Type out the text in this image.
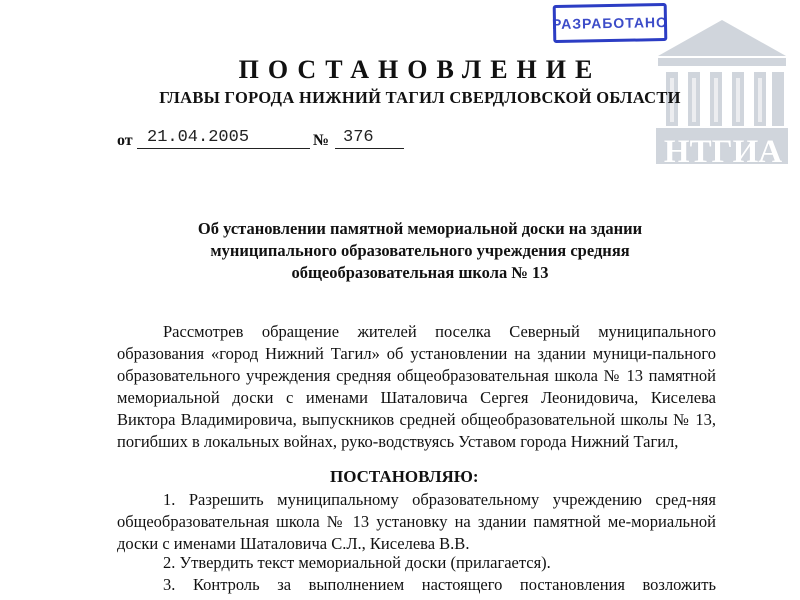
РАЗРАБОТАНО
НТГИА
ПОСТАНОВЛЕНИЕ
ГЛАВЫ ГОРОДА НИЖНИЙ ТАГИЛ СВЕРДЛОВСКОЙ ОБЛАСТИ
от 21.04.2005	№ 376
Об установлении памятной мемориальной доски на здании
муниципального образовательного учреждения средняя
общеобразовательная школа № 13
Рассмотрев обращение жителей поселка Северный муниципального образования «город Нижний Тагил» об установлении на здании муници-пального образовательного учреждения средняя общеобразовательная школа № 13 памятной мемориальной доски с именами Шаталовича Сергея Леонидовича, Киселева Виктора Владимировича, выпускников средней общеобразовательной школы № 13, погибших в локальных войнах, руко-водствуясь Уставом города Нижний Тагил,
ПОСТАНОВЛЯЮ:
1. Разрешить муниципальному образовательному учреждению сред-няя общеобразовательная школа № 13 установку на здании памятной ме-мориальной доски с именами Шаталовича С.Л., Киселева В.В.
2. Утвердить текст мемориальной доски (прилагается).
3. Контроль за выполнением настоящего постановления возложить
